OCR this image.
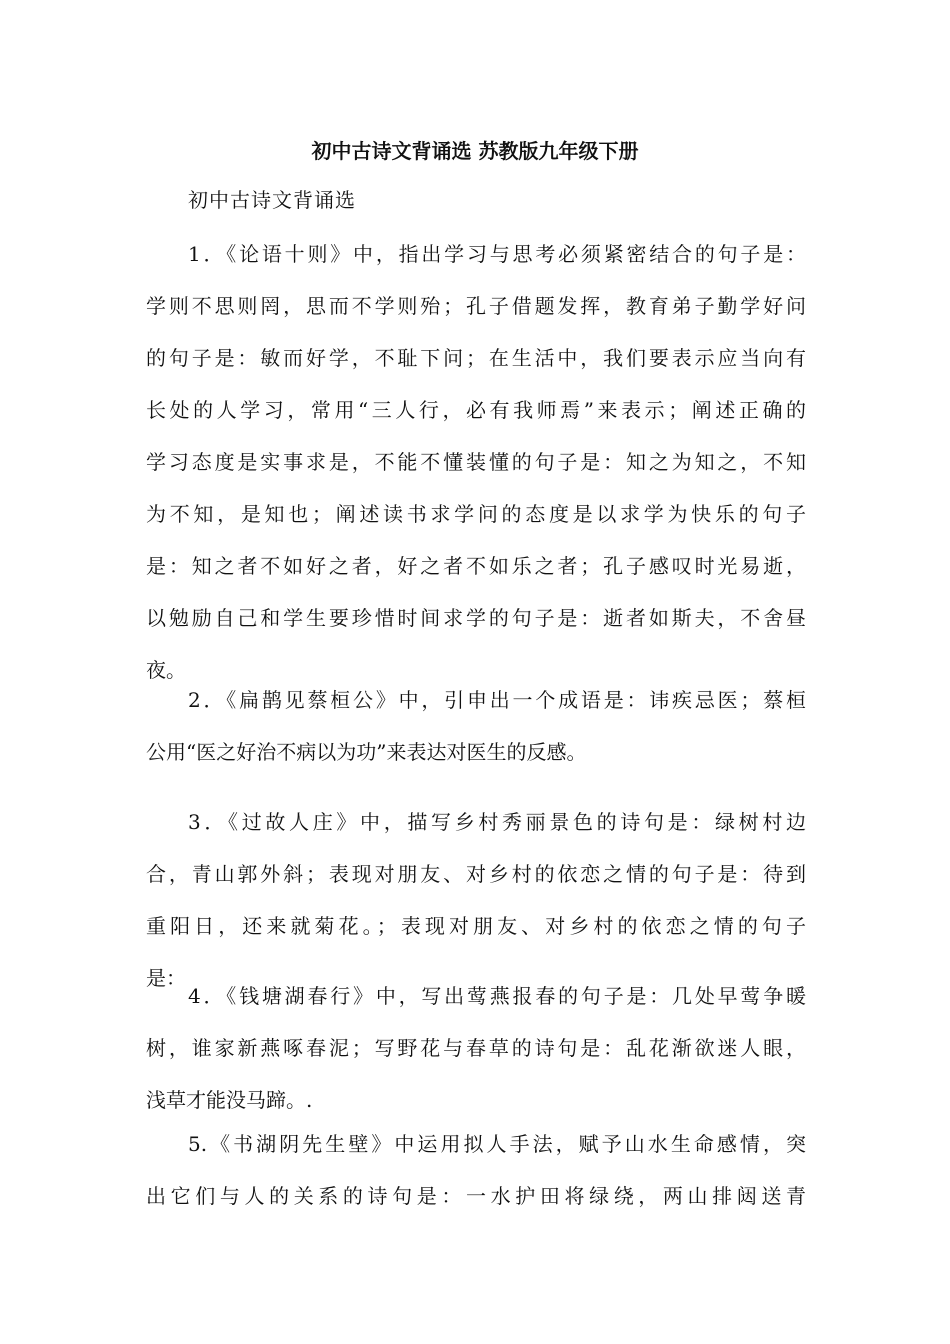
初中古诗文背诵选 苏教版九年级下册

初中古诗文背诵选

1．《论语十则》中，指出学习与思考必须紧密结合的句子是：
学则不思则罔，思而不学则殆；孔子借题发挥，教育弟子勤学好问
的句子是：敏而好学，不耻下问；在生活中，我们要表示应当向有
长处的人学习，常用“三人行，必有我师焉”来表示；阐述正确的
学习态度是实事求是，不能不懂装懂的句子是：知之为知之，不知
为不知，是知也；阐述读书求学问的态度是以求学为快乐的句子
是：知之者不如好之者，好之者不如乐之者；孔子感叹时光易逝，
以勉励自己和学生要珍惜时间求学的句子是：逝者如斯夫，不舍昼
夜。
2．《扁鹊见蔡桓公》中，引申出一个成语是：讳疾忌医；蔡桓
公用“医之好治不病以为功”来表达对医生的反感。
3．《过故人庄》中，描写乡村秀丽景色的诗句是：绿树村边
合，青山郭外斜；表现对朋友、对乡村的依恋之情的句子是：待到
重阳日，还来就菊花。；表现对朋友、对乡村的依恋之情的句子
是：
4．《钱塘湖春行》中，写出莺燕报春的句子是：几处早莺争暖
树，谁家新燕啄春泥；写野花与春草的诗句是：乱花渐欲迷人眼，
浅草才能没马蹄。.
5.《书湖阴先生壁》中运用拟人手法，赋予山水生命感情，突
出它们与人的关系的诗句是：一水护田将绿绕，两山排闼送青
